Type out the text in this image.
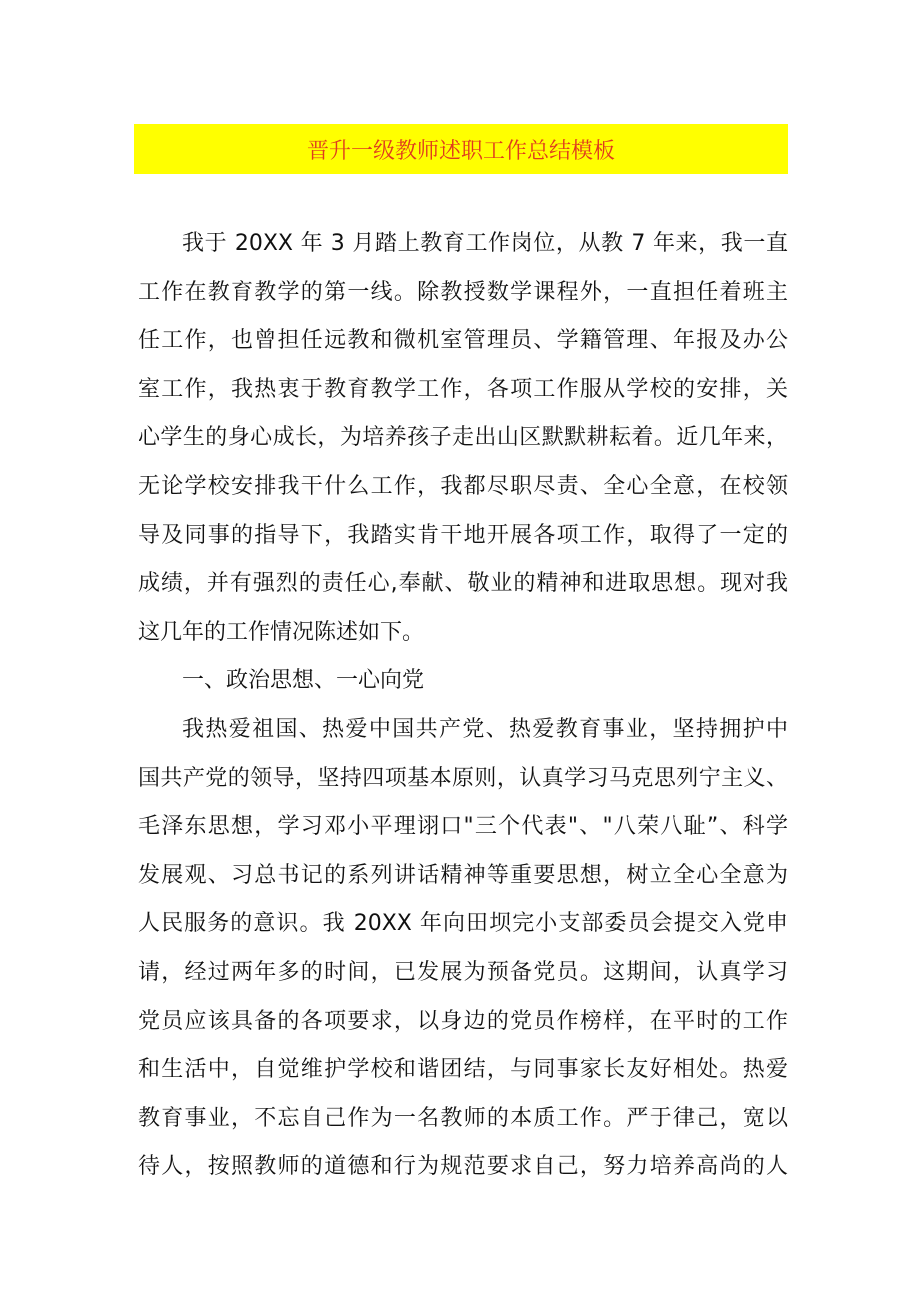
晋升一级教师述职工作总结模板
我于 20XX 年 3 月踏上教育工作岗位，从教 7 年来，我一直
工作在教育教学的第一线。除教授数学课程外，一直担任着班主
任工作，也曾担任远教和微机室管理员、学籍管理、年报及办公
室工作，我热衷于教育教学工作，各项工作服从学校的安排，关
心学生的身心成长，为培养孩子走出山区默默耕耘着。近几年来，
无论学校安排我干什么工作，我都尽职尽责、全心全意，在校领
导及同事的指导下，我踏实肯干地开展各项工作，取得了一定的
成绩，并有强烈的责任心,奉献、敬业的精神和进取思想。现对我
这几年的工作情况陈述如下。
一、政治思想、一心向党
我热爱祖国、热爱中国共产党、热爱教育事业，坚持拥护中
国共产党的领导，坚持四项基本原则，认真学习马克思列宁主义、
毛泽东思想，学习邓小平理诩口"三个代表"、"八荣八耻”、科学
发展观、习总书记的系列讲话精神等重要思想，树立全心全意为
人民服务的意识。我 20XX 年向田坝完小支部委员会提交入党申
请，经过两年多的时间，已发展为预备党员。这期间，认真学习
党员应该具备的各项要求，以身边的党员作榜样，在平时的工作
和生活中，自觉维护学校和谐团结，与同事家长友好相处。热爱
教育事业，不忘自己作为一名教师的本质工作。严于律己，宽以
待人，按照教师的道德和行为规范要求自己，努力培养高尚的人
